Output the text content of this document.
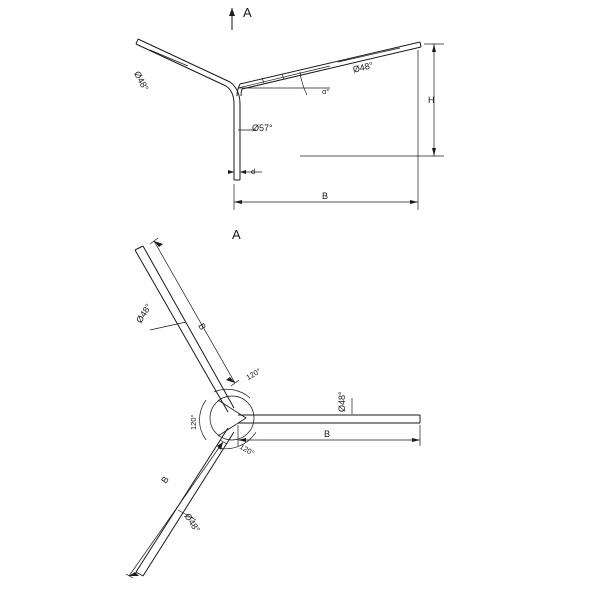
A
Ø48°
Ø48°
Ø57°
α°
H
B
d
A
Ø48°
Ø48°
Ø48°
120°
120°
120°
B
B
B
